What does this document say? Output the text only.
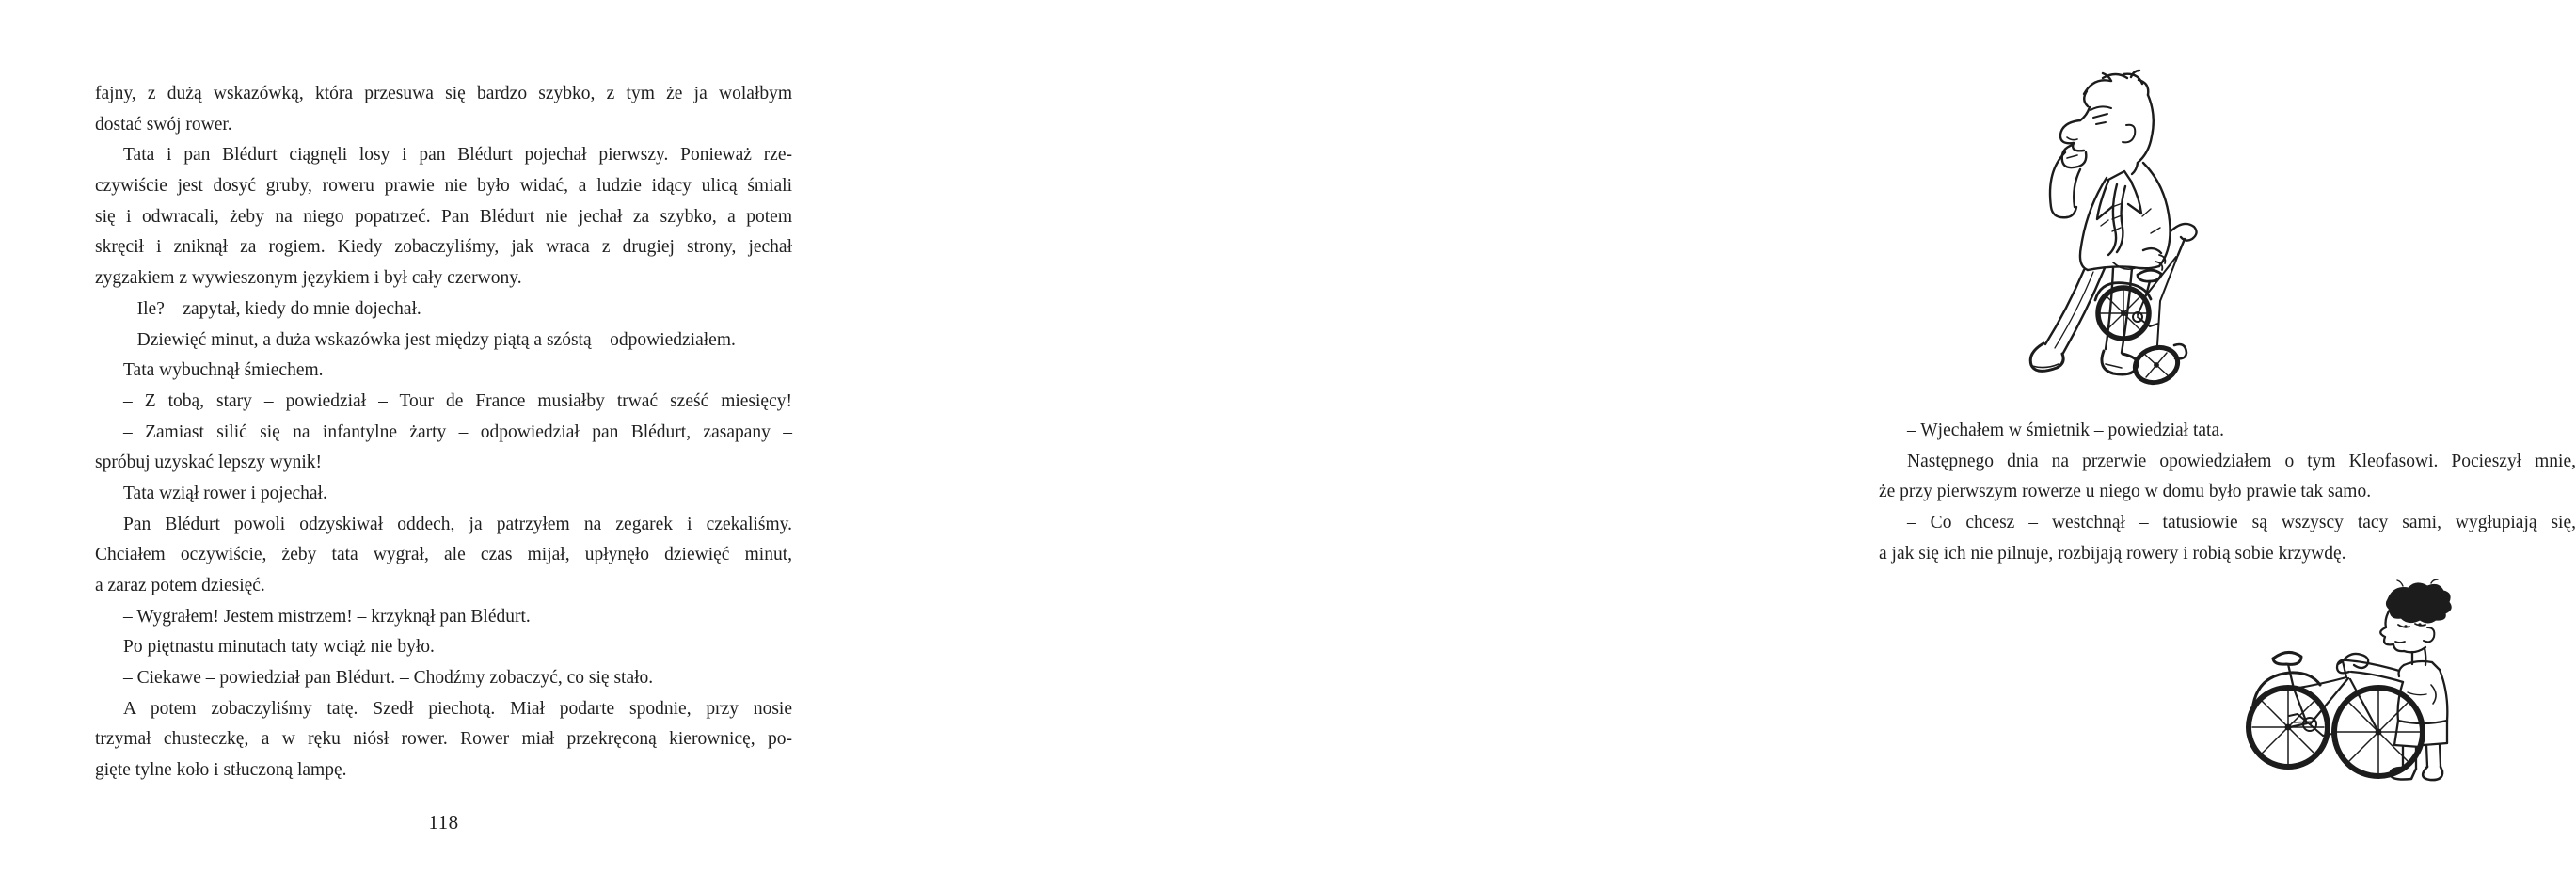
fajny, z dużą wskazówką, która przesuwa się bardzo szybko, z tym że ja wolałbym
dostać swój rower.
Tata i pan Blédurt ciągnęli losy i pan Blédurt pojechał pierwszy. Ponieważ rze-
czywiście jest dosyć gruby, roweru prawie nie było widać, a ludzie idący ulicą śmiali
się i odwracali, żeby na niego popatrzeć. Pan Blédurt nie jechał za szybko, a potem
skręcił i zniknął za rogiem. Kiedy zobaczyliśmy, jak wraca z drugiej strony, jechał
zygzakiem z wywieszonym językiem i był cały czerwony.
– Ile? – zapytał, kiedy do mnie dojechał.
– Dziewięć minut, a duża wskazówka jest między piątą a szóstą – odpowiedziałem.
Tata wybuchnął śmiechem.
– Z tobą, stary – powiedział – Tour de France musiałby trwać sześć miesięcy!
– Zamiast silić się na infantylne żarty – odpowiedział pan Blédurt, zasapany –
spróbuj uzyskać lepszy wynik!
Tata wziął rower i pojechał.
Pan Blédurt powoli odzyskiwał oddech, ja patrzyłem na zegarek i czekaliśmy.
Chciałem oczywiście, żeby tata wygrał, ale czas mijał, upłynęło dziewięć minut,
a zaraz potem dziesięć.
– Wygrałem! Jestem mistrzem! – krzyknął pan Blédurt.
Po piętnastu minutach taty wciąż nie było.
– Ciekawe – powiedział pan Blédurt. – Chodźmy zobaczyć, co się stało.
A potem zobaczyliśmy tatę. Szedł piechotą. Miał podarte spodnie, przy nosie
trzymał chusteczkę, a w ręku niósł rower. Rower miał przekręconą kierownicę, po-
gięte tylne koło i stłuczoną lampę.
118
– Wjechałem w śmietnik – powiedział tata.
Następnego dnia na przerwie opowiedziałem o tym Kleofasowi. Pocieszył mnie,
że przy pierwszym rowerze u niego w domu było prawie tak samo.
– Co chcesz – westchnął – tatusiowie są wszyscy tacy sami, wygłupiają się,
a jak się ich nie pilnuje, rozbijają rowery i robią sobie krzywdę.
